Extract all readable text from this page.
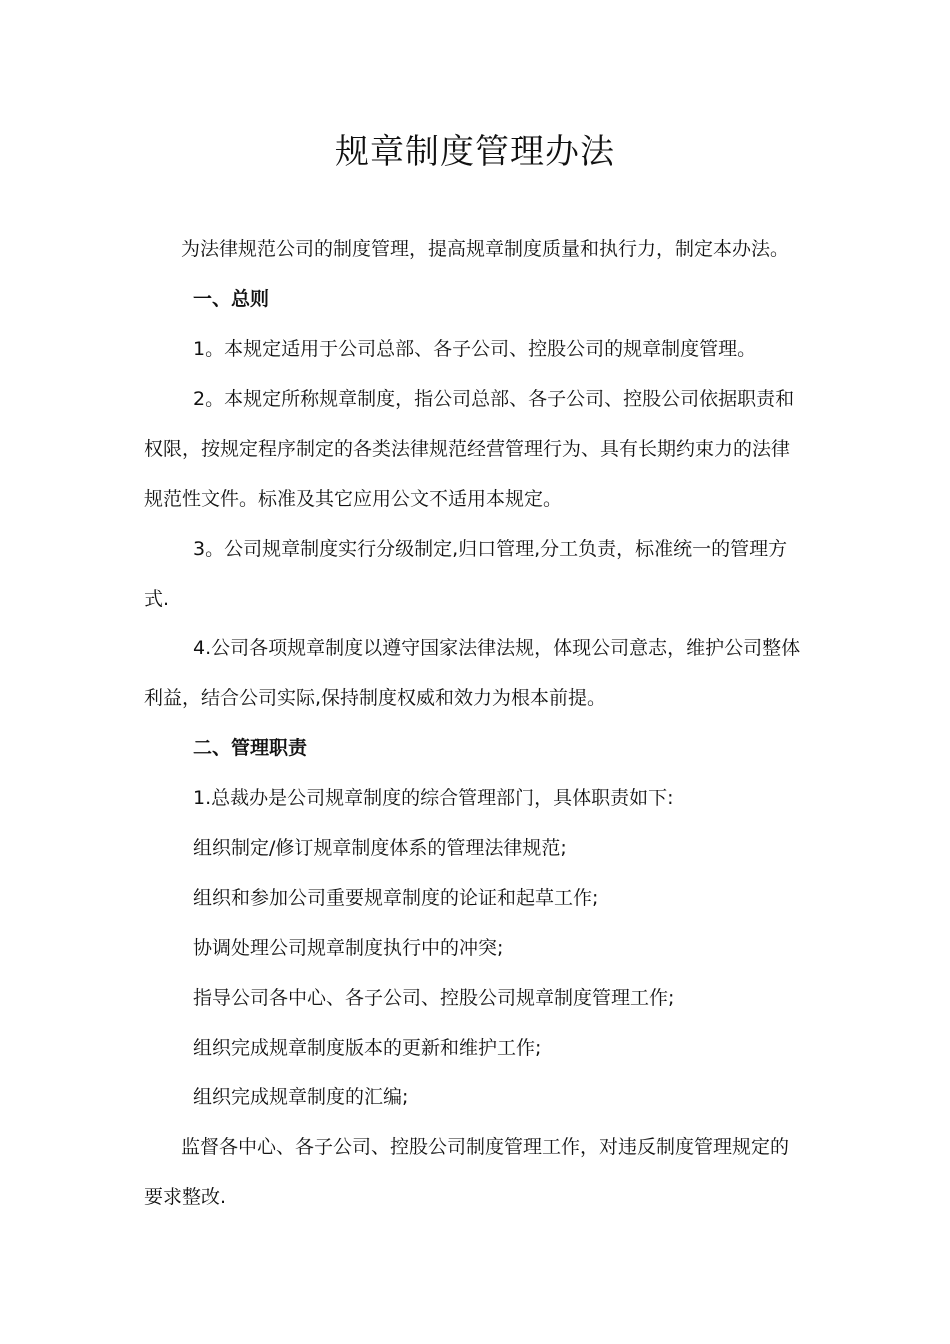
规章制度管理办法

为法律规范公司的制度管理，提高规章制度质量和执行力，制定本办法。

一、总则

1。本规定适用于公司总部、各子公司、控股公司的规章制度管理。

2。本规定所称规章制度，指公司总部、各子公司、控股公司依据职责和

权限，按规定程序制定的各类法律规范经营管理行为、具有长期约束力的法律

规范性文件。标准及其它应用公文不适用本规定。

3。公司规章制度实行分级制定,归口管理,分工负责，标准统一的管理方

式.

4.公司各项规章制度以遵守国家法律法规，体现公司意志，维护公司整体

利益，结合公司实际,保持制度权威和效力为根本前提。

二、管理职责

1.总裁办是公司规章制度的综合管理部门，具体职责如下:

组织制定/修订规章制度体系的管理法律规范;

组织和参加公司重要规章制度的论证和起草工作;

协调处理公司规章制度执行中的冲突;

指导公司各中心、各子公司、控股公司规章制度管理工作;

组织完成规章制度版本的更新和维护工作;

组织完成规章制度的汇编;

监督各中心、各子公司、控股公司制度管理工作，对违反制度管理规定的

要求整改.
